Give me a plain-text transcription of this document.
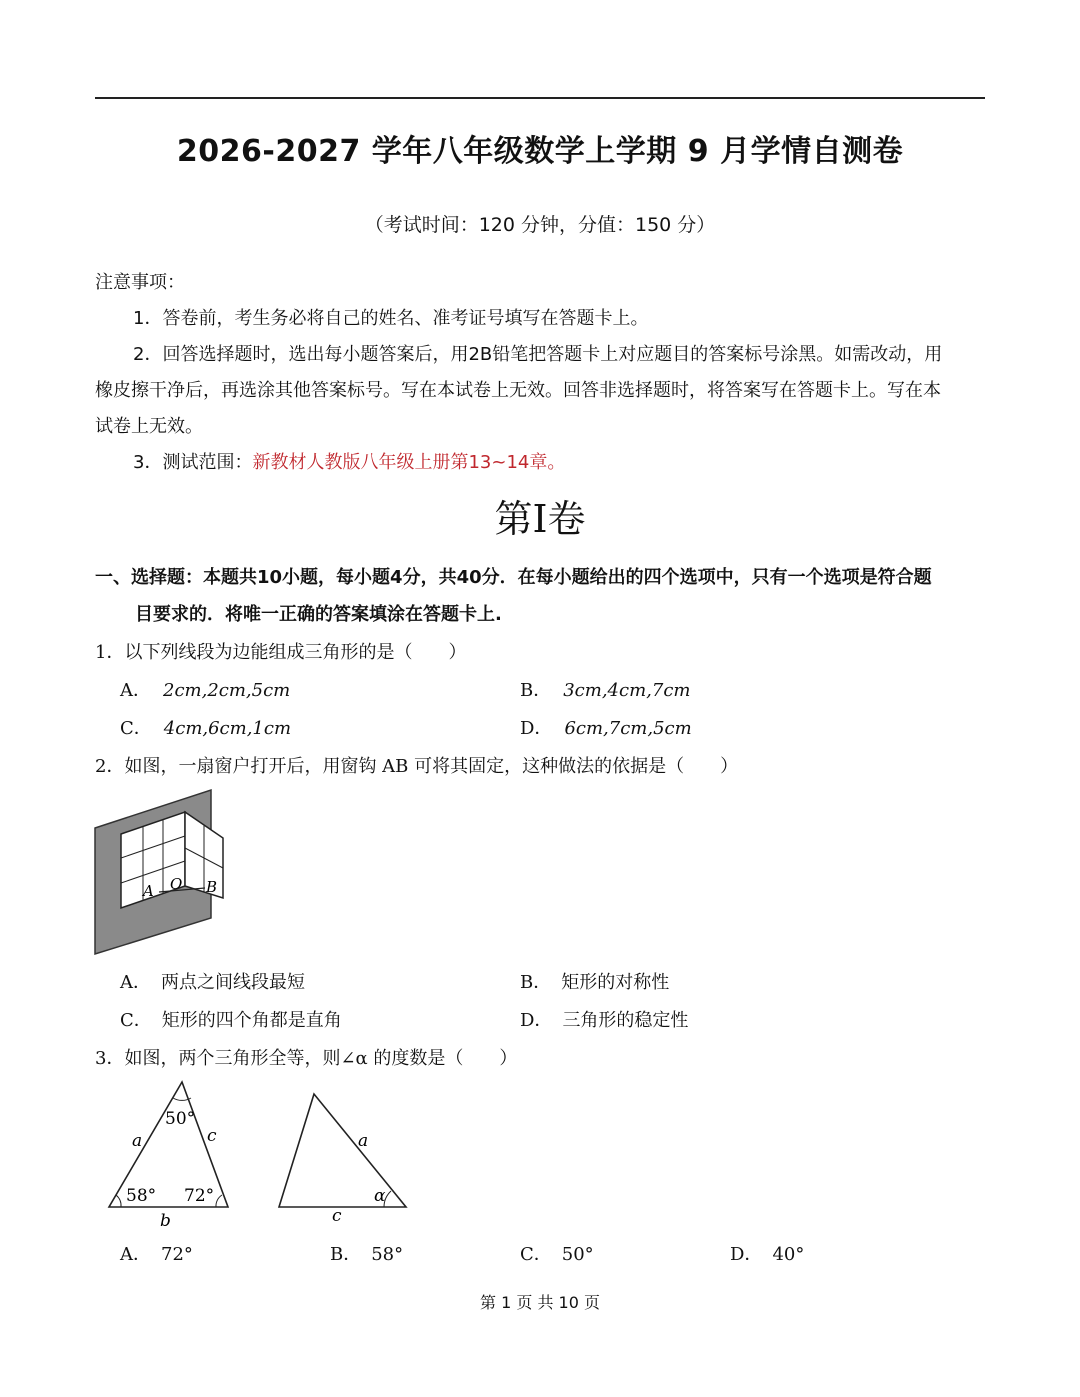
2026-2027 学年八年级数学上学期 9 月学情自测卷
（考试时间：120 分钟，分值：150 分）
注意事项：
1．答卷前，考生务必将自己的姓名、准考证号填写在答题卡上。
2．回答选择题时，选出每小题答案后，用2B铅笔把答题卡上对应题目的答案标号涂黑。如需改动，用
橡皮擦干净后，再选涂其他答案标号。写在本试卷上无效。回答非选择题时，将答案写在答题卡上。写在本
试卷上无效。
3．测试范围：新教材人教版八年级上册第13~14章。
第I卷
一、选择题：本题共10小题，每小题4分，共40分．在每小题给出的四个选项中，只有一个选项是符合题
目要求的．将唯一正确的答案填涂在答题卡上.
1．以下列线段为边能组成三角形的是（　　）
A． 2cm,2cm,5cm	B． 3cm,4cm,7cm
C． 4cm,6cm,1cm	D． 6cm,7cm,5cm
2．如图，一扇窗户打开后，用窗钩 AB 可将其固定，这种做法的依据是（　　）
A O B
A． 两点之间线段最短	B． 矩形的对称性
C． 矩形的四个角都是直角	D． 三角形的稳定性
3．如图，两个三角形全等，则∠α 的度数是（　　）
50°
58° 72°
a
b
c	a
c
α
A． 72°	B． 58°	C． 50°	D． 40°
第 1 页 共 10 页
